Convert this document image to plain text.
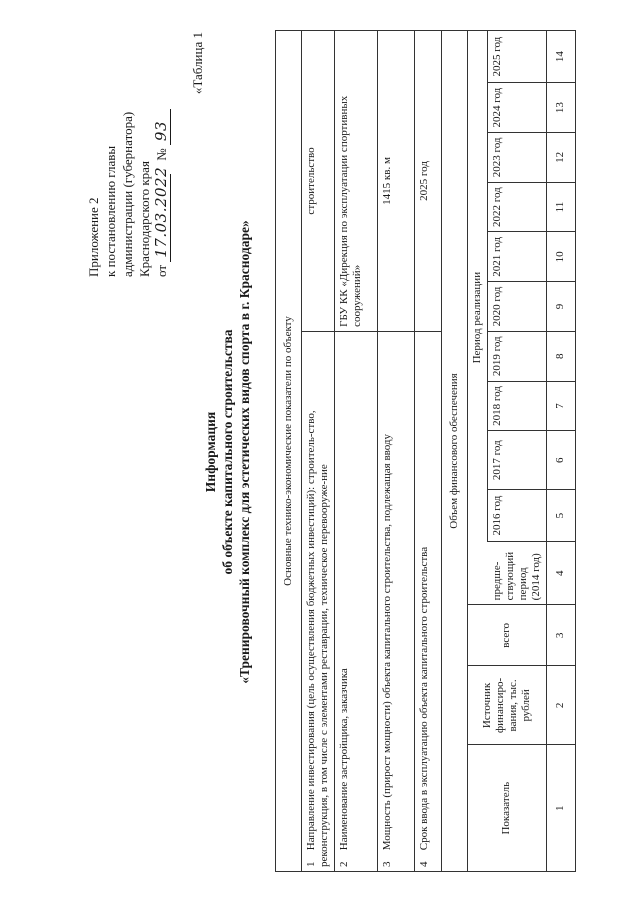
Приложение 2 к постановлению главы администрации (губернатора) Краснодарского края от 17.03.2022    № 93
«Таблица 1
Информация об объекте капитального строительства «Тренировочный комплекс для эстетических видов спорта в г. Краснодаре»	Основные технико-экономические показатели по объекту													
1 Направление инвестирования (цель осуществления бюджетных инвестиций): строитель-ство, реконструкция, в том числе с элементами реставрации, техническое перевооруже-ние								строительство					
2 Наименование застройщика, заказчика								ГБУ КК «Дирекция по эксплуатации спортивных сооружений»					
3 Мощность (прирост мощности) объекта капитального строительства, подлежащая вводу								1415 кв. м					
4 Срок ввода в эксплуатацию объекта капитального строительства								2025 год					
Объем финансового обеспечения													
Показатель	Источник финансиро-вания, тыс. рублей	всего	Период реализации										
			предше-ствующий период (2014 год)	2016 год	2017 год	2018 год	2019 год	2020 год	2021 год	2022 год	2023 год	2024 год	2025 год
1	2	3	4	5	6	7	8	9	10	11	12	13	14
